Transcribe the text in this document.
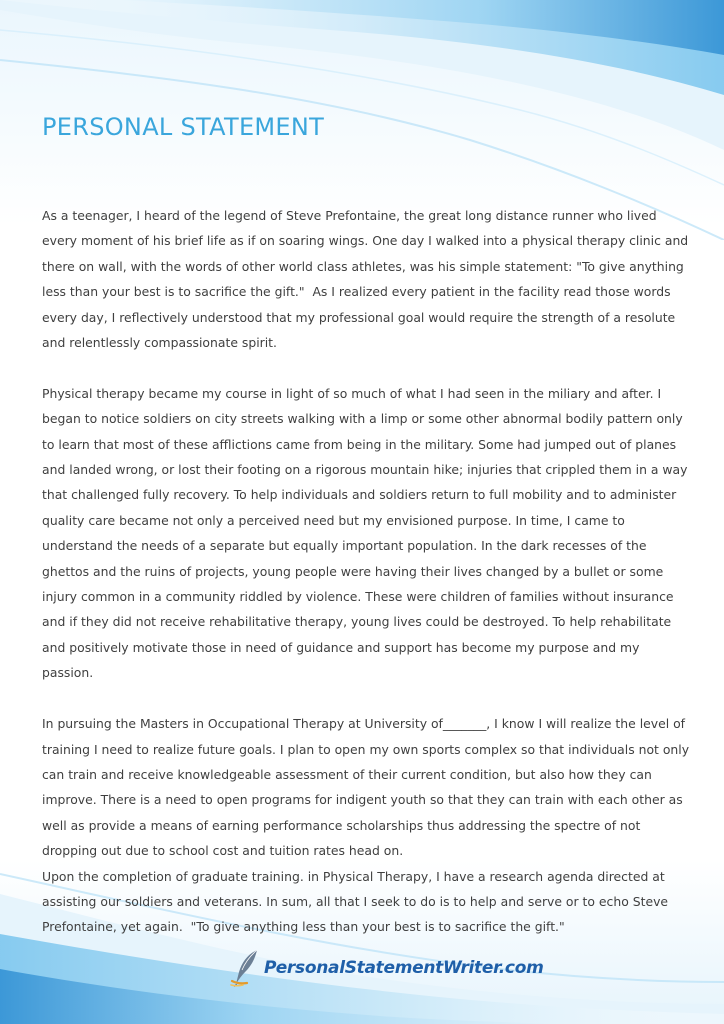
PERSONAL STATEMENT

As a teenager, I heard of the legend of Steve Prefontaine, the great long distance runner who lived every moment of his brief life as if on soaring wings. One day I walked into a physical therapy clinic and there on wall, with the words of other world class athletes, was his simple statement: "To give anything less than your best is to sacrifice the gift."  As I realized every patient in the facility read those words every day, I reflectively understood that my professional goal would require the strength of a resolute and relentlessly compassionate spirit.

Physical therapy became my course in light of so much of what I had seen in the miliary and after. I began to notice soldiers on city streets walking with a limp or some other abnormal bodily pattern only to learn that most of these afflictions came from being in the military. Some had jumped out of planes and landed wrong, or lost their footing on a rigorous mountain hike; injuries that crippled them in a way that challenged fully recovery. To help individuals and soldiers return to full mobility and to administer quality care became not only a perceived need but my envisioned purpose. In time, I came to understand the needs of a separate but equally important population. In the dark recesses of the ghettos and the ruins of projects, young people were having their lives changed by a bullet or some injury common in a community riddled by violence. These were children of families without insurance and if they did not receive rehabilitative therapy, young lives could be destroyed. To help rehabilitate and positively motivate those in need of guidance and support has become my purpose and my passion.

In pursuing the Masters in Occupational Therapy at University of_______, I know I will realize the level of training I need to realize future goals. I plan to open my own sports complex so that individuals not only can train and receive knowledgeable assessment of their current condition, but also how they can improve. There is a need to open programs for indigent youth so that they can train with each other as well as provide a means of earning performance scholarships thus addressing the spectre of not dropping out due to school cost and tuition rates head on.

Upon the completion of graduate training. in Physical Therapy, I have a research agenda directed at assisting our soldiers and veterans. In sum, all that I seek to do is to help and serve or to echo Steve Prefontaine, yet again.  "To give anything less than your best is to sacrifice the gift."

PersonalStatementWriter.com
